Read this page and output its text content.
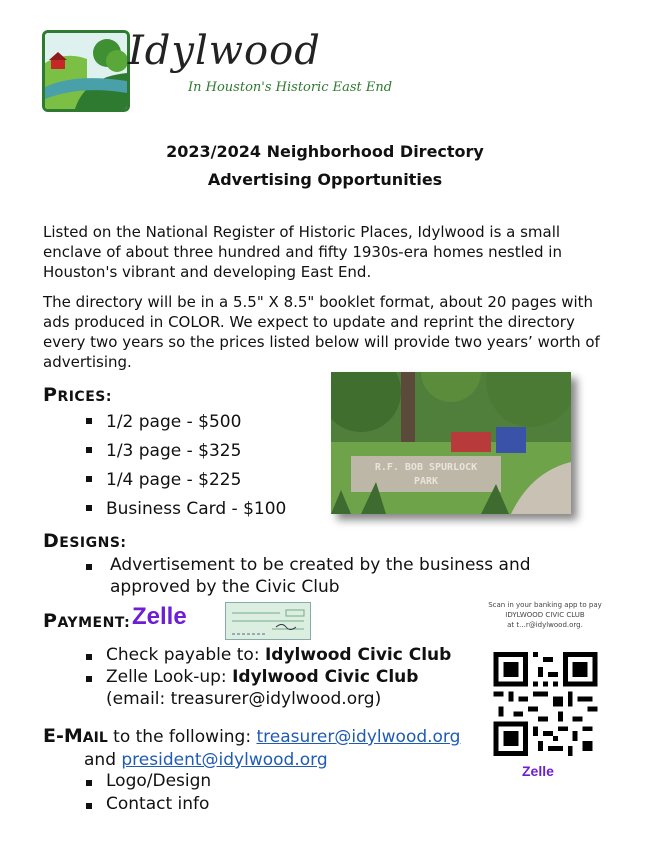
Idylwood
In Houston's Historic East End
2023/2024 Neighborhood Directory
Advertising Opportunities
Listed on the National Register of Historic Places, Idylwood is a small enclave of about three hundred and fifty 1930s-era homes nestled in Houston's vibrant and developing East End.
The directory will be in a 5.5" X 8.5" booklet format, about 20 pages with ads produced in COLOR. We expect to update and reprint the directory every two years so the prices listed below will provide two years’ worth of advertising.
PRICES:
1/2 page - $500
1/3 page - $325
1/4 page - $225
Business Card - $100
R.F. BOB SPURLOCK
PARK
DESIGNS:
Advertisement to be created by the business and approved by the Civic Club
PAYMENT: Zelle
Check payable to: Idylwood Civic Club
Zelle Look-up: Idylwood Civic Club
(email: treasurer@idylwood.org)
Scan in your banking app to pay
IDYLWOOD CIVIC CLUB
at t...r@idylwood.org.
Zelle
E-MAIL to the following: treasurer@idylwood.org
and president@idylwood.org
Logo/Design
Contact info
